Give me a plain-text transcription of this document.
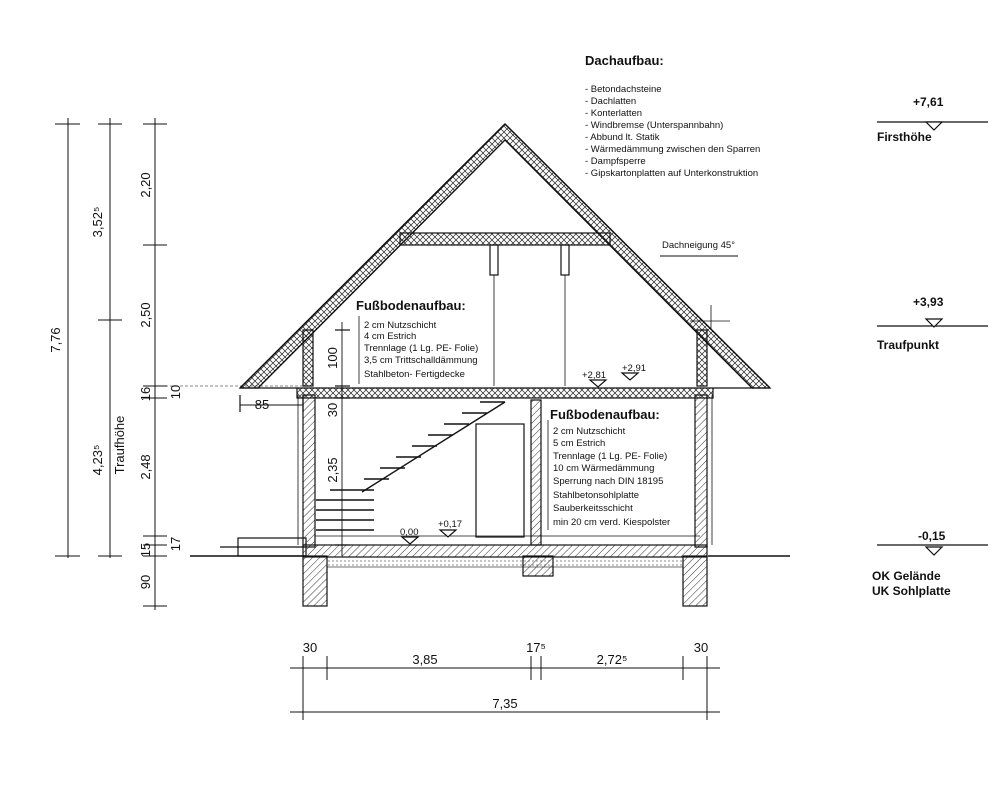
Dachaufbau:
- Betondachsteine
- Dachlatten
- Konterlatten
- Windbremse (Unterspannbahn)
- Abbund lt. Statik
- Wärmedämmung zwischen den Sparren
- Dampfsperre
- Gipskartonplatten auf Unterkonstruktion
Dachneigung 45°
Fußbodenaufbau:
2 cm Nutzschicht
4 cm Estrich
Trennlage (1 Lg. PE- Folie)
3,5 cm Trittschalldämmung
Stahlbeton- Fertigdecke
Fußbodenaufbau:
2 cm Nutzschicht
5 cm Estrich
Trennlage (1 Lg. PE- Folie)
10 cm Wärmedämmung
Sperrung nach DIN 18195
Stahlbetonsohlplatte
Sauberkeitsschicht
min 20 cm verd. Kiespolster
+7,61
Firsthöhe
+3,93
Traufpunkt
-0,15
OK Gelände
UK Sohlplatte
+2,81
+2,91
0,00
+0,17
7,76
3,52⁵
4,23⁵ Traufhöhe
2,20
2,50
16 10
2,48
15 17
90
100
30
2,35
85
30
3,85
17⁵
2,72⁵
30
7,35
